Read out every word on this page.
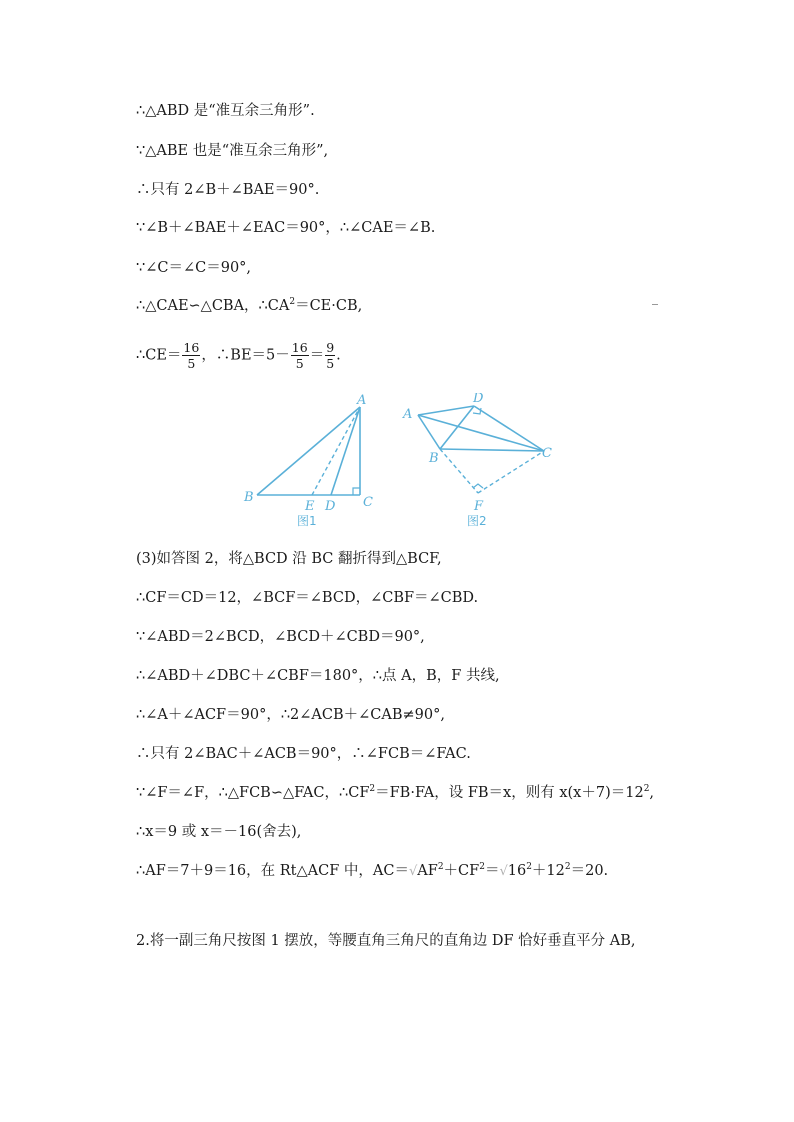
∴△ABD 是“准互余三角形”.
∵△ABE 也是“准互余三角形”,
∴只有 2∠B＋∠BAE＝90°.
∵∠B＋∠BAE＋∠EAC＝90°，∴∠CAE＝∠B.
∵∠C＝∠C＝90°,
∴△CAE∽△CBA，$\therefore CA^2=CE\cdot CB$,
∴CE＝ $\frac{16}{5}$ ，∴BE＝5－ $\frac{16}{5} = \frac{9}{5}$ .
A
B
E D C
图1
A
D
B	C
F
图2
(3)如答图 2，将△BCD 沿 BC 翻折得到△BCF,
∴CF＝CD＝12，∠BCF＝∠BCD，∠CBF＝∠CBD.
∵∠ABD＝2∠BCD，∠BCD＋∠CBD＝90°,
∴∠ABD＋∠DBC＋∠CBF＝180°，∴点 A，B，F 共线,
∴∠A＋∠ACF＝90°，∴2∠ACB＋∠CAB≠90°,
∴只有 2∠BAC＋∠ACB＝90°，∴∠FCB＝∠FAC.
∵∠F＝∠F，∴△FCB∽△FAC，$\therefore CF^2=FB\cdot FA$，设 FB＝x，则有 $x(x+7)=12^2$,
∴x＝9 或 x＝－16(舍去),
∴AF＝7＋9＝16，在 Rt△ACF 中，$AC=√AF^2+CF^2=√16^2+12^2=20$.
2.将一副三角尺按图 1 摆放，等腰直角三角尺的直角边 DF 恰好垂直平分 AB,
